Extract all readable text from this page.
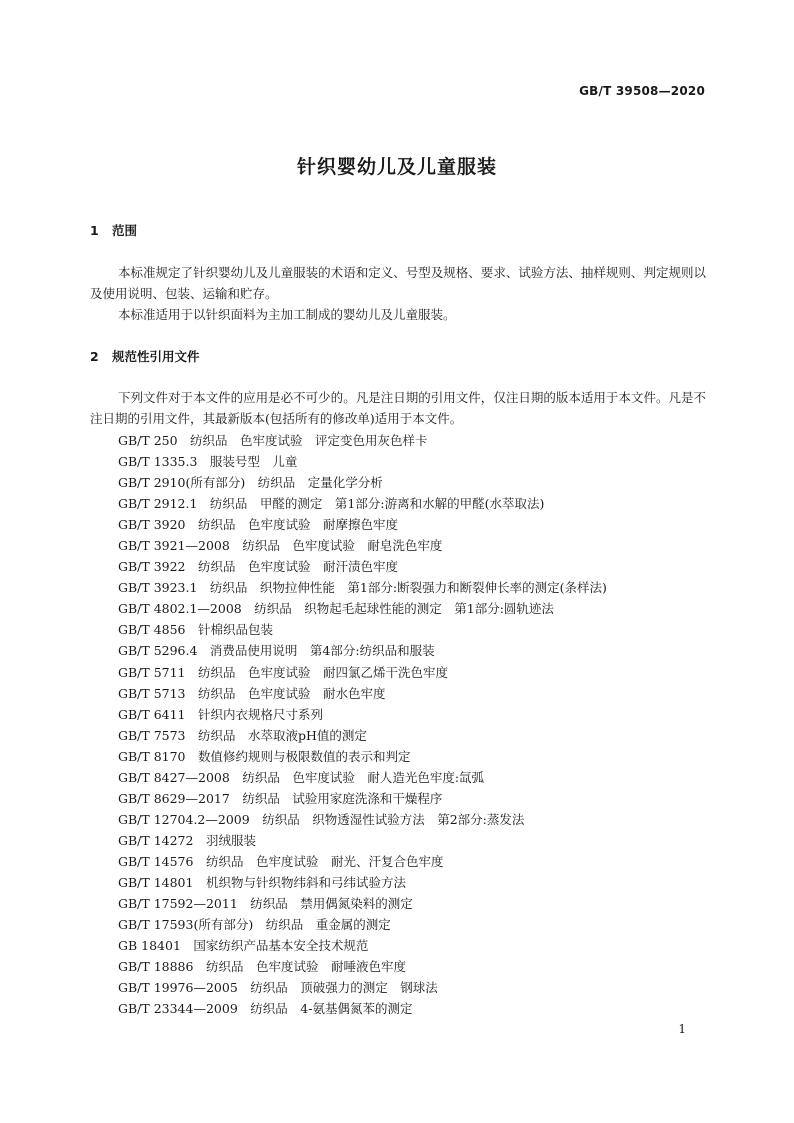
GB/T 39508—2020
针织婴幼儿及儿童服装
1 范围
本标准规定了针织婴幼儿及儿童服装的术语和定义、号型及规格、要求、试验方法、抽样规则、判定规则以及使用说明、包装、运输和贮存。
本标准适用于以针织面料为主加工制成的婴幼儿及儿童服装。
2 规范性引用文件
下列文件对于本文件的应用是必不可少的。凡是注日期的引用文件，仅注日期的版本适用于本文件。凡是不注日期的引用文件，其最新版本(包括所有的修改单)适用于本文件。
GB/T 250　纺织品　色牢度试验　评定变色用灰色样卡
GB/T 1335.3　服装号型　儿童
GB/T 2910(所有部分)　纺织品　定量化学分析
GB/T 2912.1　纺织品　甲醛的测定　第1部分:游离和水解的甲醛(水萃取法)
GB/T 3920　纺织品　色牢度试验　耐摩擦色牢度
GB/T 3921—2008　纺织品　色牢度试验　耐皂洗色牢度
GB/T 3922　纺织品　色牢度试验　耐汗渍色牢度
GB/T 3923.1　纺织品　织物拉伸性能　第1部分:断裂强力和断裂伸长率的测定(条样法)
GB/T 4802.1—2008　纺织品　织物起毛起球性能的测定　第1部分:圆轨迹法
GB/T 4856　针棉织品包装
GB/T 5296.4　消费品使用说明　第4部分:纺织品和服装
GB/T 5711　纺织品　色牢度试验　耐四氯乙烯干洗色牢度
GB/T 5713　纺织品　色牢度试验　耐水色牢度
GB/T 6411　针织内衣规格尺寸系列
GB/T 7573　纺织品　水萃取液pH值的测定
GB/T 8170　数值修约规则与极限数值的表示和判定
GB/T 8427—2008　纺织品　色牢度试验　耐人造光色牢度:氙弧
GB/T 8629—2017　纺织品　试验用家庭洗涤和干燥程序
GB/T 12704.2—2009　纺织品　织物透湿性试验方法　第2部分:蒸发法
GB/T 14272　羽绒服装
GB/T 14576　纺织品　色牢度试验　耐光、汗复合色牢度
GB/T 14801　机织物与针织物纬斜和弓纬试验方法
GB/T 17592—2011　纺织品　禁用偶氮染料的测定
GB/T 17593(所有部分)　纺织品　重金属的测定
GB 18401　国家纺织产品基本安全技术规范
GB/T 18886　纺织品　色牢度试验　耐唾液色牢度
GB/T 19976—2005　纺织品　顶破强力的测定　钢球法
GB/T 23344—2009　纺织品　4-氨基偶氮苯的测定
1
